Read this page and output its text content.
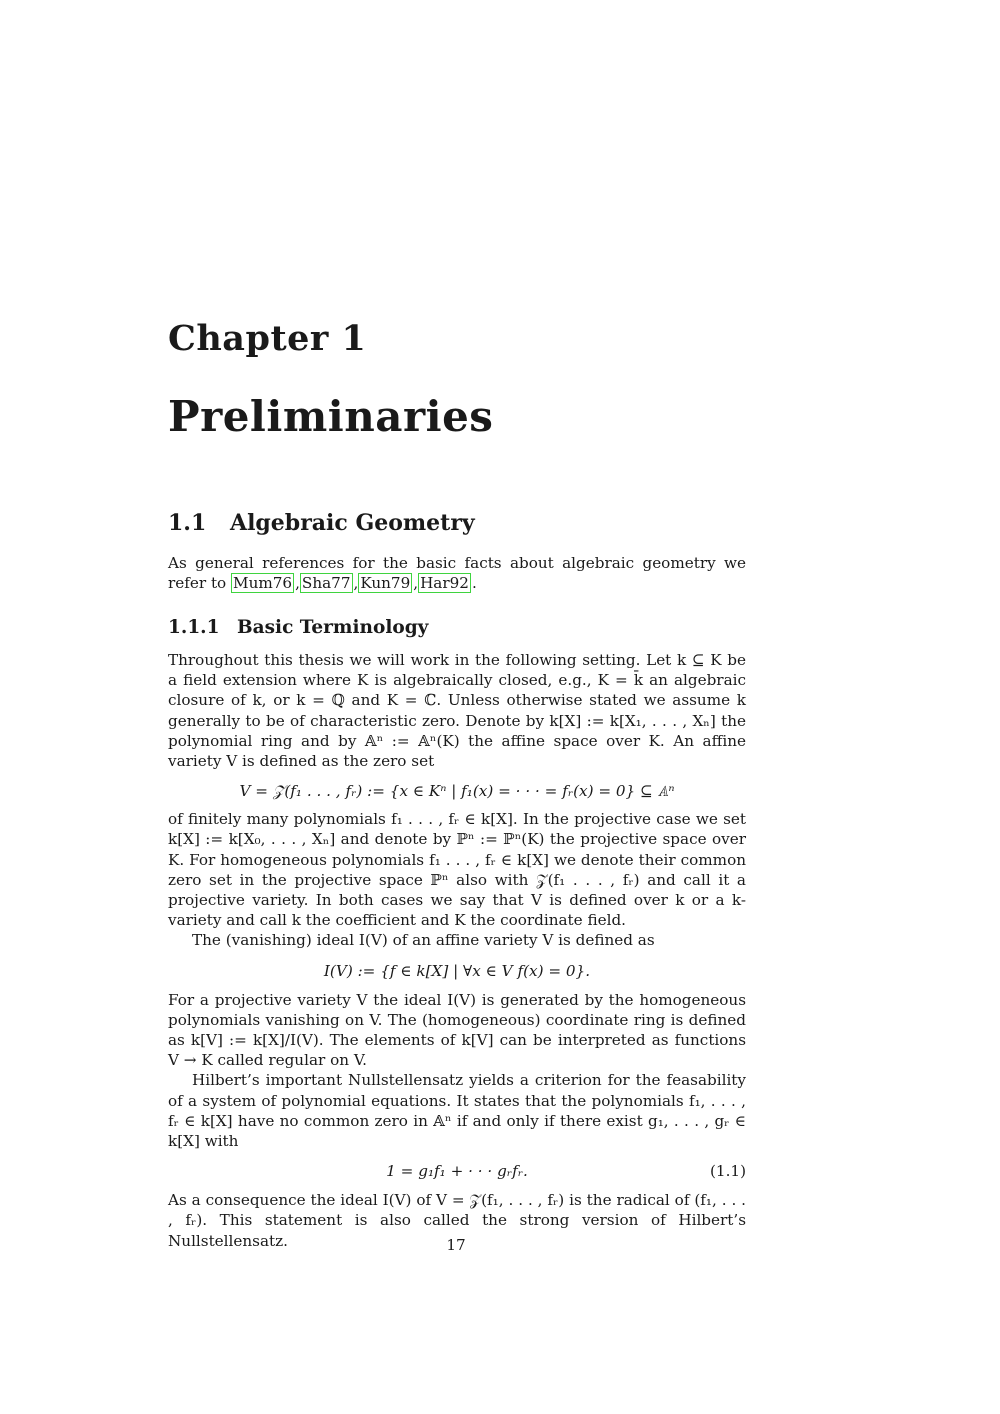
Chapter 1
Preliminaries
1.1 Algebraic Geometry
As general references for the basic facts about algebraic geometry we refer to Mum76 , Sha77 , Kun79 , Har92 .
1.1.1 Basic Terminology
Throughout this thesis we will work in the following setting. Let k ⊆ K be a field extension where K is algebraically closed, e.g., K = k̄ an algebraic closure of k, or k = ℚ and K = ℂ. Unless otherwise stated we assume k generally to be of characteristic zero. Denote by k[X] := k[X₁, . . . , Xₙ] the polynomial ring and by 𝔸ⁿ := 𝔸ⁿ(K) the affine space over K. An affine variety V is defined as the zero set
V = 𝒵(f₁ . . . , fᵣ) := {x ∈ Kⁿ | f₁(x) = · · · = fᵣ(x) = 0} ⊆ 𝔸ⁿ
of finitely many polynomials f₁ . . . , fᵣ ∈ k[X]. In the projective case we set k[X] := k[X₀, . . . , Xₙ] and denote by ℙⁿ := ℙⁿ(K) the projective space over K. For homogeneous polynomials f₁ . . . , fᵣ ∈ k[X] we denote their common zero set in the projective space ℙⁿ also with 𝒵(f₁ . . . , fᵣ) and call it a projective variety. In both cases we say that V is defined over k or a k-variety and call k the coefficient and K the coordinate field.
The (vanishing) ideal I(V) of an affine variety V is defined as
I(V) := {f ∈ k[X] | ∀x ∈ V f(x) = 0}.
For a projective variety V the ideal I(V) is generated by the homogeneous polynomials vanishing on V. The (homogeneous) coordinate ring is defined as k[V] := k[X]/I(V). The elements of k[V] can be interpreted as functions V → K called regular on V.
Hilbert’s important Nullstellensatz yields a criterion for the feasability of a system of polynomial equations. It states that the polynomials f₁, . . . , fᵣ ∈ k[X] have no common zero in 𝔸ⁿ if and only if there exist g₁, . . . , gᵣ ∈ k[X] with
1 = g₁f₁ + · · · gᵣfᵣ.	(1.1)
As a consequence the ideal I(V) of V = 𝒵(f₁, . . . , fᵣ) is the radical of (f₁, . . . , fᵣ). This statement is also called the strong version of Hilbert’s Nullstellensatz.	17
